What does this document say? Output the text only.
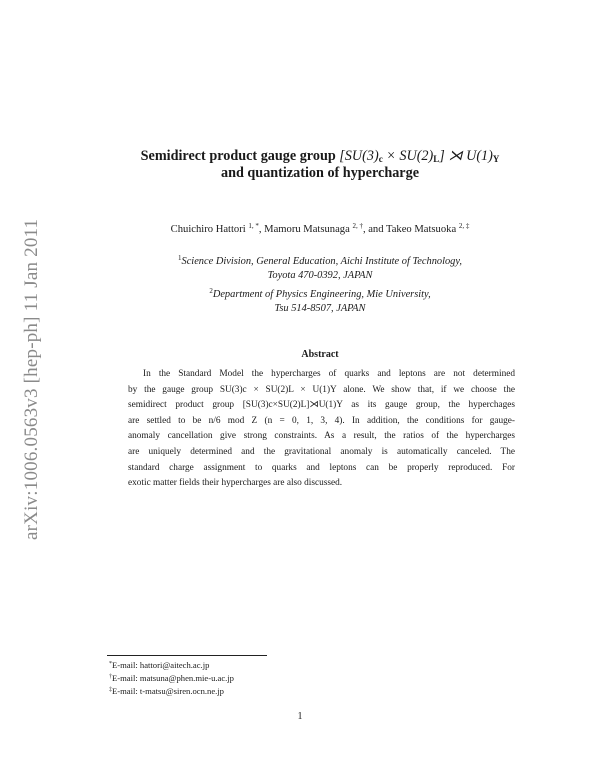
arXiv:1006.0563v3 [hep-ph] 11 Jan 2011
Semidirect product gauge group $[SU(3)_c \times SU(2)_L]$ ⋊ $U(1)_Y$
and quantization of hypercharge
Chuichiro Hattori $^{1, *}$, Mamoru Matsunaga $^{2, \dagger}$, and Takeo Matsuoka $^{2, \ddagger}$
$^1$Science Division, General Education, Aichi Institute of Technology,
Toyota 470-0392, JAPAN
$^2$Department of Physics Engineering, Mie University,
Tsu 514-8507, JAPAN
Abstract
In the Standard Model the hypercharges of quarks and leptons are not determined
by the gauge group SU(3)c × SU(2)L × U(1)Y alone. We show that, if we choose the
semidirect product group [SU(3)c×SU(2)L]⋊U(1)Y as its gauge group, the hyperchages
are settled to be n/6 mod Z (n = 0, 1, 3, 4). In addition, the conditions for gauge-
anomaly cancellation give strong constraints. As a result, the ratios of the hypercharges
are uniquely determined and the gravitational anomaly is automatically canceled. The
standard charge assignment to quarks and leptons can be properly reproduced. For
exotic matter fields their hypercharges are also discussed.
*E-mail: hattori@aitech.ac.jp
†E-mail: matsuna@phen.mie-u.ac.jp
‡E-mail: t-matsu@siren.ocn.ne.jp
1
